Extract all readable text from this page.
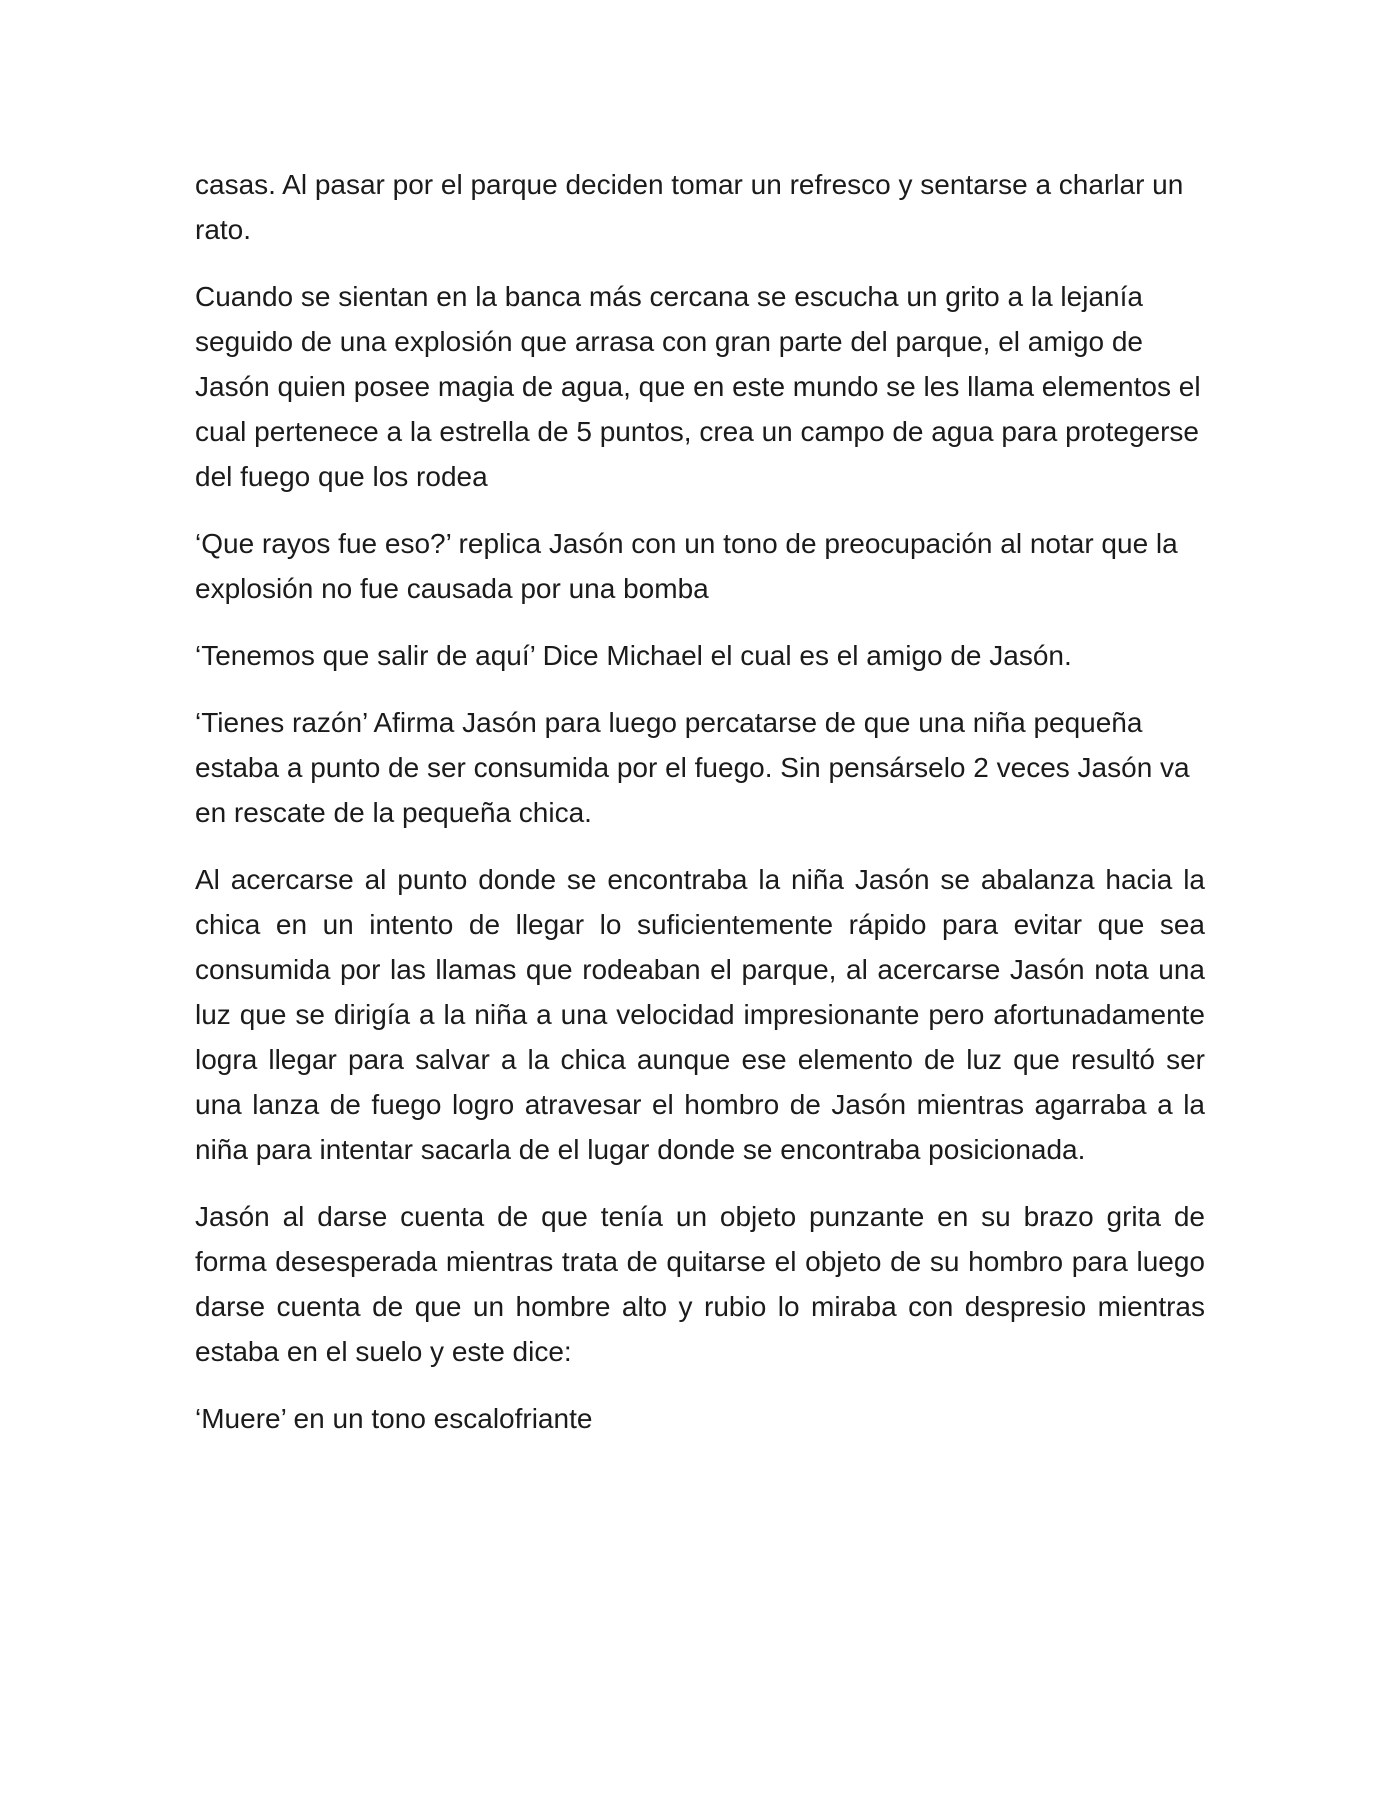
casas. Al pasar por el parque deciden tomar un refresco y sentarse a charlar un rato.

Cuando se sientan en la banca más cercana se escucha un grito a la lejanía seguido de una explosión que arrasa con gran parte del parque, el amigo de Jasón quien posee magia de agua, que en este mundo se les llama elementos el cual pertenece a la estrella de 5 puntos, crea un campo de agua para protegerse del fuego que los rodea

‘Que rayos fue eso?’ replica Jasón con un tono de preocupación al notar que la explosión no fue causada por una bomba

‘Tenemos que salir de aquí’ Dice Michael el cual es el amigo de Jasón.

‘Tienes razón’ Afirma Jasón para luego percatarse de que una niña pequeña estaba a punto de ser consumida por el fuego. Sin pensárselo 2 veces Jasón va en rescate de la pequeña chica.

Al acercarse al punto donde se encontraba la niña Jasón se abalanza hacia la chica en un intento de llegar lo suficientemente rápido para evitar que sea consumida por las llamas que rodeaban el parque, al acercarse Jasón nota una luz que se dirigía a la niña a una velocidad impresionante pero afortunadamente logra llegar para salvar a la chica aunque ese elemento de luz que resultó ser una lanza de fuego logro atravesar el hombro de Jasón mientras agarraba a la niña para intentar sacarla de el lugar donde se encontraba posicionada.

Jasón al darse cuenta de que tenía un objeto punzante en su brazo grita de forma desesperada mientras trata de quitarse el objeto de su hombro para luego darse cuenta de que un hombre alto y rubio lo miraba con despresio mientras estaba en el suelo y este dice:

‘Muere’ en un tono escalofriante
